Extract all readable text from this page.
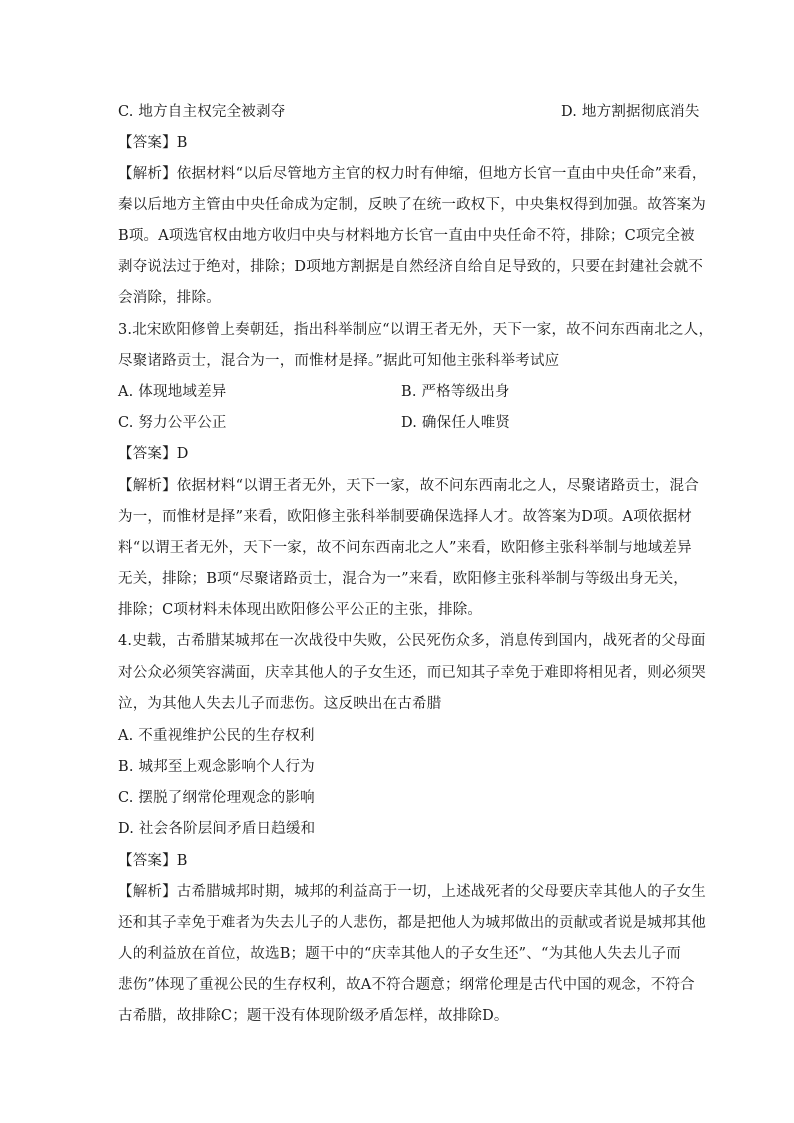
C. 地方自主权完全被剥夺	D. 地方割据彻底消失
【答案】B
【解析】依据材料“以后尽管地方主官的权力时有伸缩，但地方长官一直由中央任命”来看，
秦以后地方主管由中央任命成为定制，反映了在统一政权下，中央集权得到加强。故答案为
B项。A项选官权由地方收归中央与材料地方长官一直由中央任命不符，排除；C项完全被
剥夺说法过于绝对，排除；D项地方割据是自然经济自给自足导致的，只要在封建社会就不
会消除，排除。
3.北宋欧阳修曾上奏朝廷，指出科举制应“以谓王者无外，天下一家，故不问东西南北之人，
尽聚诸路贡士，混合为一，而惟材是择。”据此可知他主张科举考试应
A. 体现地域差异	B. 严格等级出身
C. 努力公平公正	D. 确保任人唯贤
【答案】D
【解析】依据材料“以谓王者无外，天下一家，故不问东西南北之人，尽聚诸路贡士，混合
为一，而惟材是择”来看，欧阳修主张科举制要确保选择人才。故答案为D项。A项依据材
料“以谓王者无外，天下一家，故不问东西南北之人”来看，欧阳修主张科举制与地域差异
无关，排除；B项“尽聚诸路贡士，混合为一”来看，欧阳修主张科举制与等级出身无关，
排除；C项材料未体现出欧阳修公平公正的主张，排除。
4.史载，古希腊某城邦在一次战役中失败，公民死伤众多，消息传到国内，战死者的父母面
对公众必须笑容满面，庆幸其他人的子女生还，而已知其子幸免于难即将相见者，则必须哭
泣，为其他人失去儿子而悲伤。这反映出在古希腊
A. 不重视维护公民的生存权利
B. 城邦至上观念影响个人行为
C. 摆脱了纲常伦理观念的影响
D. 社会各阶层间矛盾日趋缓和
【答案】B
【解析】古希腊城邦时期，城邦的利益高于一切，上述战死者的父母要庆幸其他人的子女生
还和其子幸免于难者为失去儿子的人悲伤，都是把他人为城邦做出的贡献或者说是城邦其他
人的利益放在首位，故选B；题干中的“庆幸其他人的子女生还”、“为其他人失去儿子而
悲伤”体现了重视公民的生存权利，故A不符合题意；纲常伦理是古代中国的观念，不符合
古希腊，故排除C；题干没有体现阶级矛盾怎样，故排除D。
